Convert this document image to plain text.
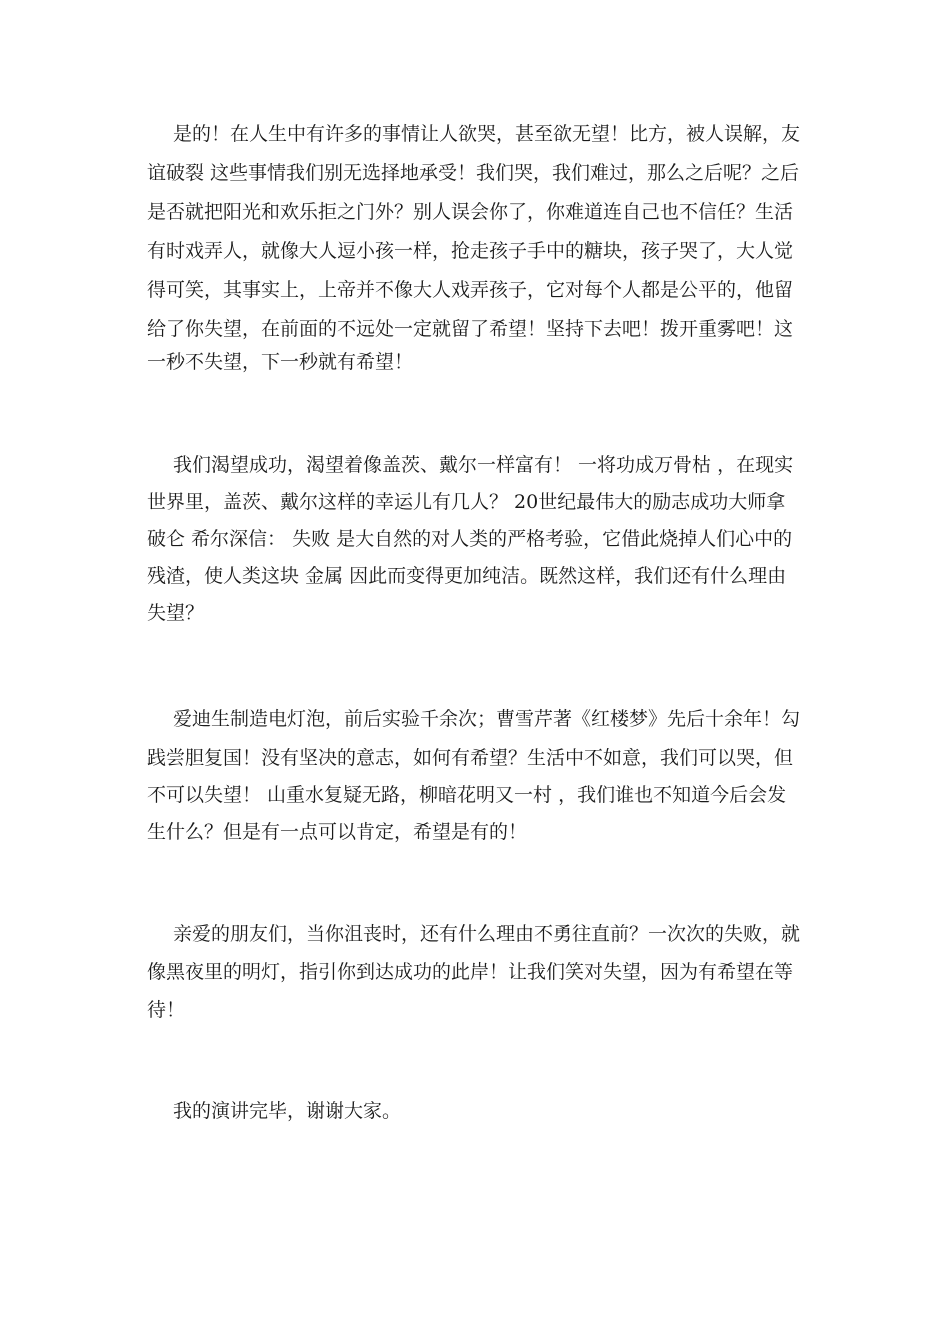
是的！在人生中有许多的事情让人欲哭，甚至欲无望！比方，被人误解，友
谊破裂 这些事情我们别无选择地承受！我们哭，我们难过，那么之后呢？之后
是否就把阳光和欢乐拒之门外？别人误会你了，你难道连自己也不信任？生活
有时戏弄人，就像大人逗小孩一样，抢走孩子手中的糖块，孩子哭了，大人觉
得可笑，其事实上，上帝并不像大人戏弄孩子，它对每个人都是公平的，他留
给了你失望，在前面的不远处一定就留了希望！坚持下去吧！拨开重雾吧！这
一秒不失望，下一秒就有希望！
我们渴望成功，渴望着像盖茨、戴尔一样富有！ 一将功成万骨枯 ，在现实
世界里，盖茨、戴尔这样的幸运儿有几人？ 20世纪最伟大的励志成功大师拿
破仑 希尔深信： 失败 是大自然的对人类的严格考验，它借此烧掉人们心中的
残渣，使人类这块 金属 因此而变得更加纯洁。既然这样，我们还有什么理由
失望？
爱迪生制造电灯泡，前后实验千余次；曹雪芹著《红楼梦》先后十余年！勾
践尝胆复国！没有坚决的意志，如何有希望？生活中不如意，我们可以哭，但
不可以失望！ 山重水复疑无路，柳暗花明又一村 ，我们谁也不知道今后会发
生什么？但是有一点可以肯定，希望是有的！
亲爱的朋友们，当你沮丧时，还有什么理由不勇往直前？一次次的失败，就
像黑夜里的明灯，指引你到达成功的此岸！让我们笑对失望，因为有希望在等
待！
我的演讲完毕，谢谢大家。
